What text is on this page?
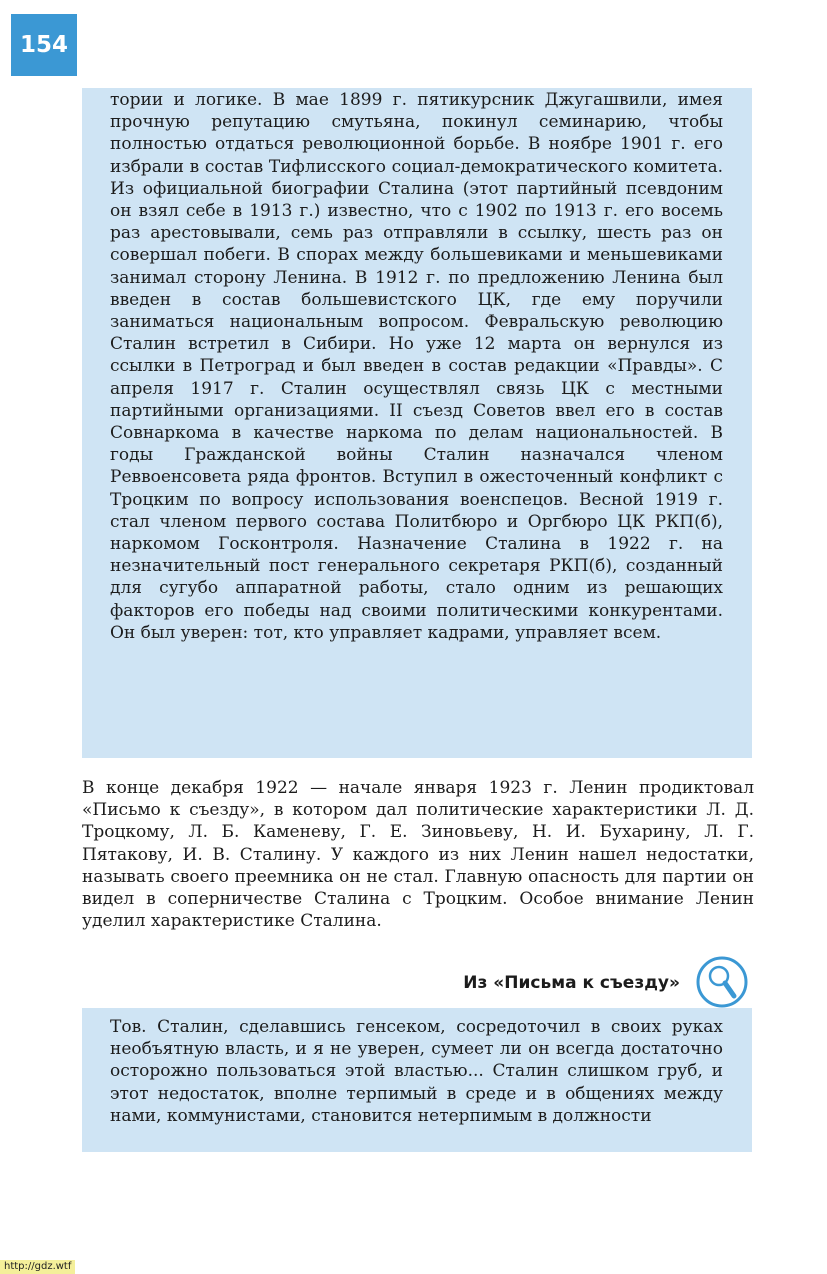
154

тории и логике. В мае 1899 г. пятикурсник Джугашвили, имея прочную репутацию смутьяна, покинул семинарию, чтобы полностью отдаться революционной борьбе. В ноябре 1901 г. его избрали в состав Тифлисского социал-демократического комитета. Из официальной биографии Сталина (этот партийный псевдоним он взял себе в 1913 г.) известно, что с 1902 по 1913 г. его восемь раз арестовывали, семь раз отправляли в ссылку, шесть раз он совершал побеги. В спорах между большевиками и меньшевиками занимал сторону Ленина. В 1912 г. по предложению Ленина был введен в состав большевистского ЦК, где ему поручили заниматься национальным вопросом. Февральскую революцию Сталин встретил в Сибири. Но уже 12 марта он вернулся из ссылки в Петроград и был введен в состав редакции «Правды». С апреля 1917 г. Сталин осуществлял связь ЦК с местными партийными организациями. II съезд Советов ввел его в состав Совнаркома в качестве наркома по делам национальностей. В годы Гражданской войны Сталин назначался членом Реввоенсовета ряда фронтов. Вступил в ожесточенный конфликт с Троцким по вопросу использования военспецов. Весной 1919 г. стал членом первого состава Политбюро и Оргбюро ЦК РКП(б), наркомом Госконтроля. Назначение Сталина в 1922 г. на незначительный пост генерального секретаря РКП(б), созданный для сугубо аппаратной работы, стало одним из решающих факторов его победы над своими политическими конкурентами. Он был уверен: тот, кто управляет кадрами, управляет всем.

В конце декабря 1922 — начале января 1923 г. Ленин продиктовал «Письмо к съезду», в котором дал политические характеристики Л. Д. Троцкому, Л. Б. Каменеву, Г. Е. Зиновьеву, Н. И. Бухарину, Л. Г. Пятакову, И. В. Сталину. У каждого из них Ленин нашел недостатки, называть своего преемника он не стал. Главную опасность для партии он видел в соперничестве Сталина с Троцким. Особое внимание Ленин уделил характеристике Сталина.

Из «Письма к съезду»

Тов. Сталин, сделавшись генсеком, сосредоточил в своих руках необъятную власть, и я не уверен, сумеет ли он всегда достаточно осторожно пользоваться этой властью... Сталин слишком груб, и этот недостаток, вполне терпимый в среде и в общениях между нами, коммунистами, становится нетерпимым в должности

http://gdz.wtf
